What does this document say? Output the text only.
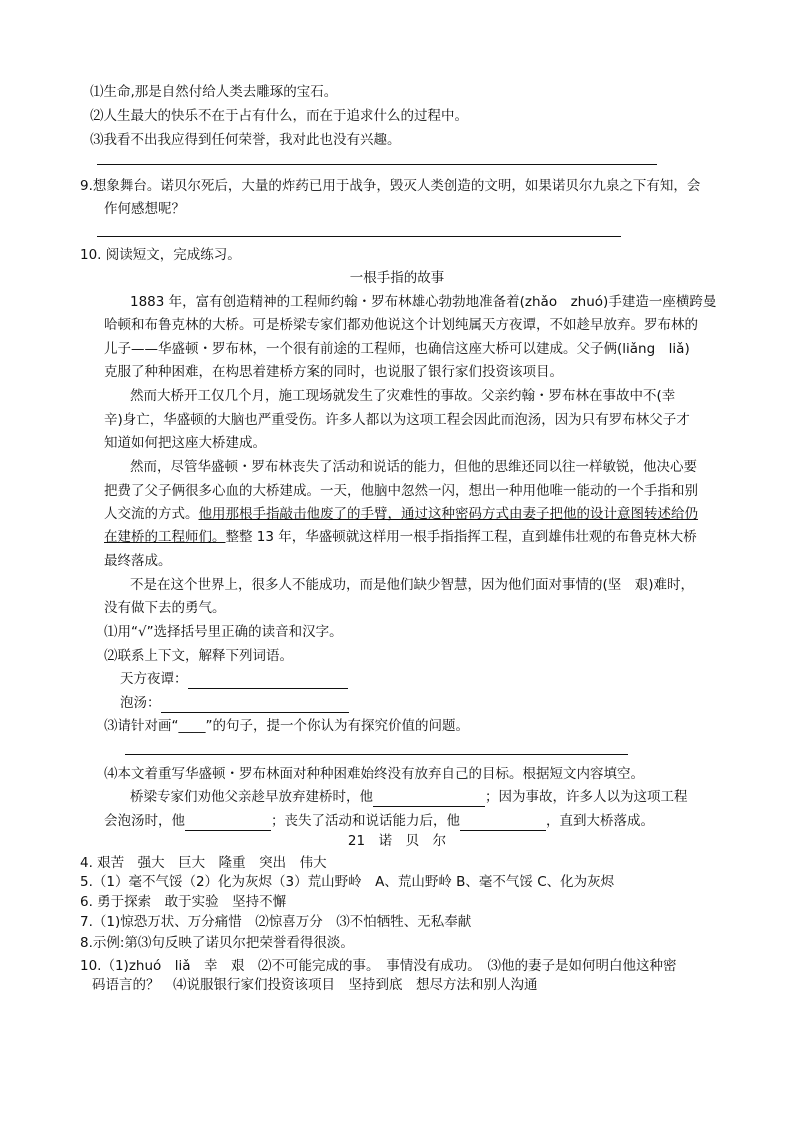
⑴生命,那是自然付给人类去雕琢的宝石。
⑵人生最大的快乐不在于占有什么，而在于追求什么的过程中。
⑶我看不出我应得到任何荣誉，我对此也没有兴趣。
9.想象舞台。诺贝尔死后，大量的炸药已用于战争，毁灭人类创造的文明，如果诺贝尔九泉之下有知，会
作何感想呢？
10. 阅读短文，完成练习。
一根手指的故事
1883 年，富有创造精神的工程师约翰・罗布林雄心勃勃地准备着(zhǎo　zhuó)手建造一座横跨曼
哈顿和布鲁克林的大桥。可是桥梁专家们都劝他说这个计划纯属天方夜谭，不如趁早放弃。罗布林的
儿子——华盛顿・罗布林，一个很有前途的工程师，也确信这座大桥可以建成。父子俩(liǎng　liǎ)
克服了种种困难，在构思着建桥方案的同时，也说服了银行家们投资该项目。
然而大桥开工仅几个月，施工现场就发生了灾难性的事故。父亲约翰・罗布林在事故中不(幸
辛)身亡，华盛顿的大脑也严重受伤。许多人都以为这项工程会因此而泡汤，因为只有罗布林父子才
知道如何把这座大桥建成。
然而，尽管华盛顿・罗布林丧失了活动和说话的能力，但他的思维还同以往一样敏锐，他决心要
把费了父子俩很多心血的大桥建成。一天，他脑中忽然一闪，想出一种用他唯一能动的一个手指和别
人交流的方式。他用那根手指敲击他废了的手臂，通过这种密码方式由妻子把他的设计意图转述给仍
在建桥的工程师们。整整 13 年，华盛顿就这样用一根手指指挥工程，直到雄伟壮观的布鲁克林大桥
最终落成。
不是在这个世界上，很多人不能成功，而是他们缺少智慧，因为他们面对事情的(坚　艰)难时，
没有做下去的勇气。
⑴用“√”选择括号里正确的读音和汉字。
⑵联系上下文，解释下列词语。
天方夜谭：
泡汤：
⑶请针对画“____”的句子，提一个你认为有探究价值的问题。
⑷本文着重写华盛顿・罗布林面对种种困难始终没有放弃自己的目标。根据短文内容填空。
桥梁专家们劝他父亲趁早放弃建桥时，他	；因为事故，许多人以为这项工程
会泡汤时，他	；丧失了活动和说话能力后，他	，直到大桥落成。
21　诺　贝　尔
4. 艰苦　强大　巨大　隆重　突出　伟大
5.（1）毫不气馁（2）化为灰烬（3）荒山野岭　A、荒山野岭 B、毫不气馁 C、化为灰烬
6. 勇于探索　敢于实验　坚持不懈
7.（1)惊恐万状、万分痛惜　⑵惊喜万分　⑶不怕牺牲、无私奉献
8.示例:第⑶句反映了诺贝尔把荣誉看得很淡。
10.（1)zhuó　liǎ　幸　艰　⑵不可能完成的事。　事情没有成功。　⑶他的妻子是如何明白他这种密
码语言的？　⑷说服银行家们投资该项目　坚持到底　想尽方法和别人沟通
